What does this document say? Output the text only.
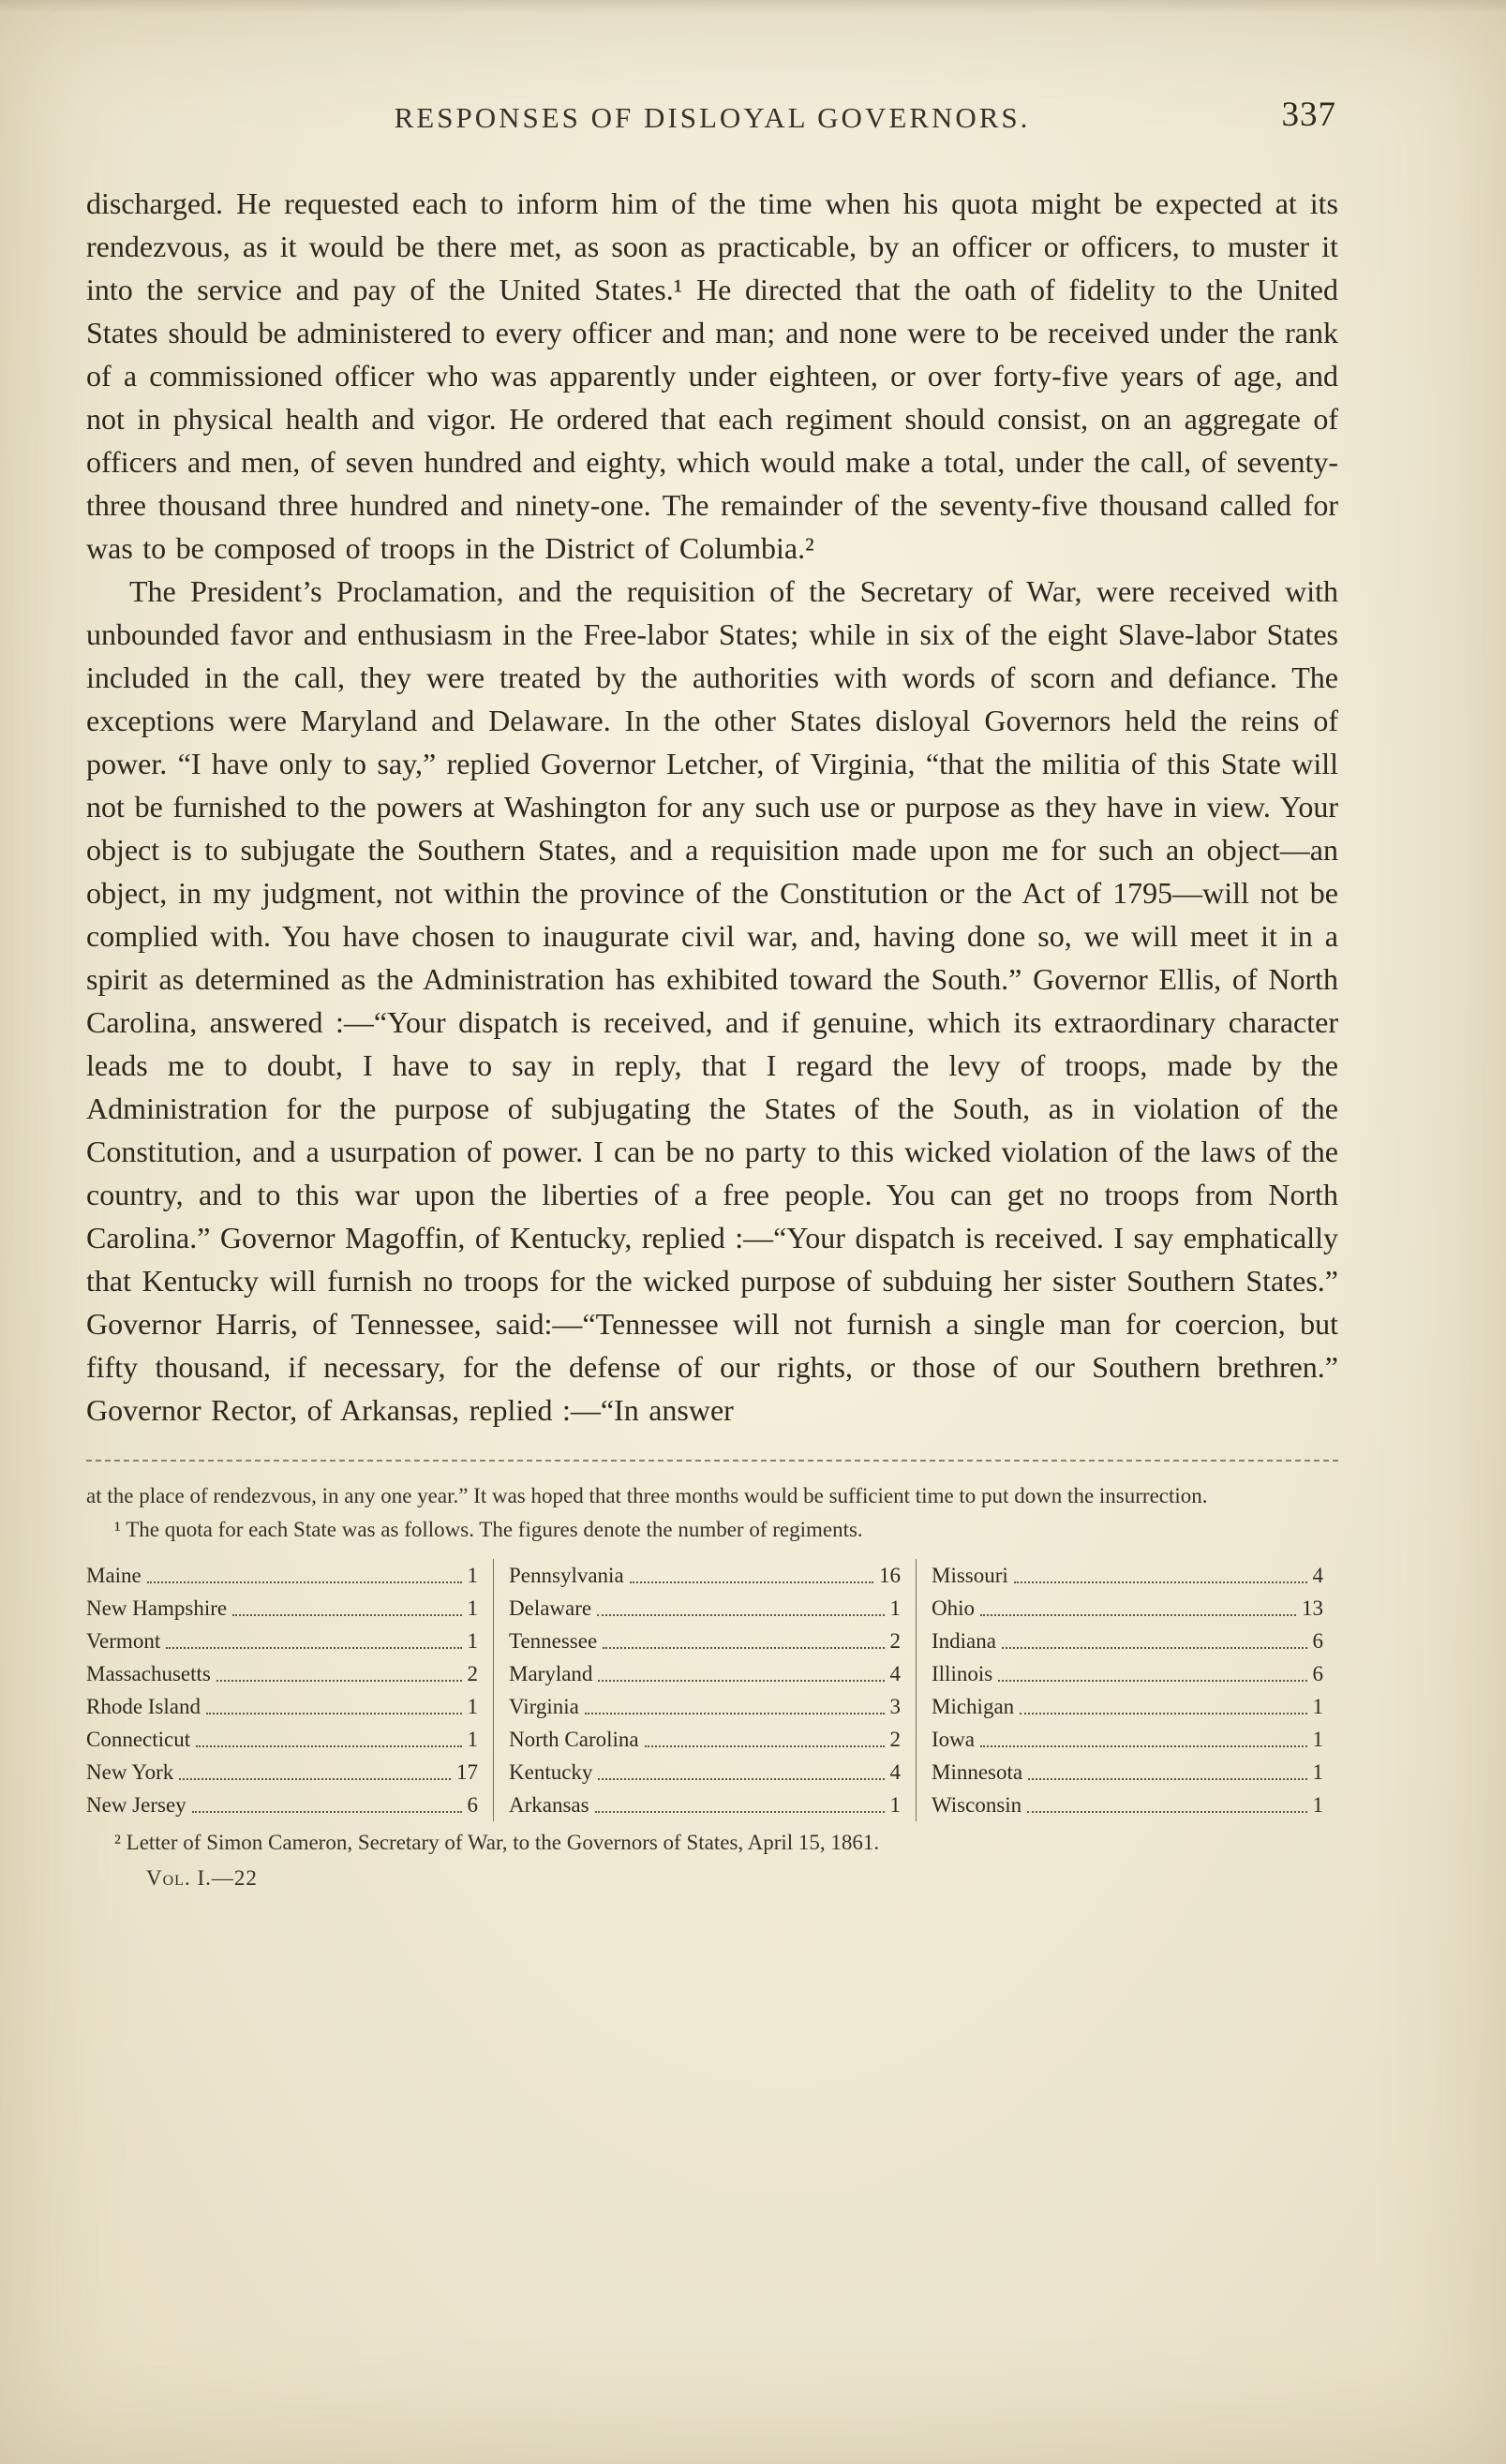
RESPONSES OF DISLOYAL GOVERNORS.	337

discharged. He requested each to inform him of the time when his quota might be expected at its rendezvous, as it would be there met, as soon as practicable, by an officer or officers, to muster it into the service and pay of the United States.¹ He directed that the oath of fidelity to the United States should be administered to every officer and man; and none were to be received under the rank of a commissioned officer who was apparently under eighteen, or over forty-five years of age, and not in physical health and vigor. He ordered that each regiment should consist, on an aggregate of officers and men, of seven hundred and eighty, which would make a total, under the call, of seventy-three thousand three hundred and ninety-one. The remainder of the seventy-five thousand called for was to be composed of troops in the District of Columbia.²

The President’s Proclamation, and the requisition of the Secretary of War, were received with unbounded favor and enthusiasm in the Free-labor States; while in six of the eight Slave-labor States included in the call, they were treated by the authorities with words of scorn and defiance. The exceptions were Maryland and Delaware. In the other States disloyal Governors held the reins of power. “I have only to say,” replied Governor Letcher, of Virginia, “that the militia of this State will not be furnished to the powers at Washington for any such use or purpose as they have in view. Your object is to subjugate the Southern States, and a requisition made upon me for such an object—an object, in my judgment, not within the province of the Constitution or the Act of 1795—will not be complied with. You have chosen to inaugurate civil war, and, having done so, we will meet it in a spirit as determined as the Administration has exhibited toward the South.” Governor Ellis, of North Carolina, answered :—“Your dispatch is received, and if genuine, which its extraordinary character leads me to doubt, I have to say in reply, that I regard the levy of troops, made by the Administration for the purpose of subjugating the States of the South, as in violation of the Constitution, and a usurpation of power. I can be no party to this wicked violation of the laws of the country, and to this war upon the liberties of a free people. You can get no troops from North Carolina.” Governor Magoffin, of Kentucky, replied :—“Your dispatch is received. I say emphatically that Kentucky will furnish no troops for the wicked purpose of subduing her sister Southern States.” Governor Harris, of Tennessee, said:—“Tennessee will not furnish a single man for coercion, but fifty thousand, if necessary, for the defense of our rights, or those of our Southern brethren.” Governor Rector, of Arkansas, replied :—“In answer

at the place of rendezvous, in any one year.” It was hoped that three months would be sufficient time to put down the insurrection.

¹ The quota for each State was as follows. The figures denote the number of regiments.

Maine	1
New Hampshire	1
Vermont	1
Massachusetts	2
Rhode Island	1
Connecticut	1
New York	17
New Jersey	6
Pennsylvania	16
Delaware	1
Tennessee	2
Maryland	4
Virginia	3
North Carolina	2
Kentucky	4
Arkansas	1
Missouri	4
Ohio	13
Indiana	6
Illinois	6
Michigan	1
Iowa	1
Minnesota	1
Wisconsin	1

² Letter of Simon Cameron, Secretary of War, to the Governors of States, April 15, 1861.

Vol. I.—22
